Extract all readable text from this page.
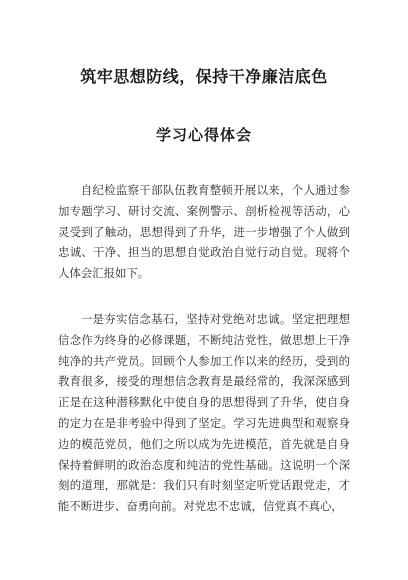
筑牢思想防线，保持干净廉洁底色
学习心得体会

自纪检监察干部队伍教育整顿开展以来，个人通过参加专题学习、研讨交流、案例警示、剖析检视等活动，心灵受到了触动，思想得到了升华，进一步增强了个人做到忠诚、干净、担当的思想自觉政治自觉行动自觉。现将个人体会汇报如下。

一是夯实信念基石，坚持对党绝对忠诚。坚定把理想信念作为终身的必修课题，不断纯洁党性，做思想上干净纯净的共产党员。回顾个人参加工作以来的经历，受到的教育很多，接受的理想信念教育是最经常的，我深深感到正是在这种潜移默化中使自身的思想得到了升华，使自身的定力在是非考验中得到了坚定。学习先进典型和观察身边的模范党员，他们之所以成为先进模范，首先就是自身保持着鲜明的政治态度和纯洁的党性基础。这说明一个深刻的道理，那就是：我们只有时刻坚定听党话跟党走，才能不断进步、奋勇向前。对党忠不忠诚，信党真不真心，
